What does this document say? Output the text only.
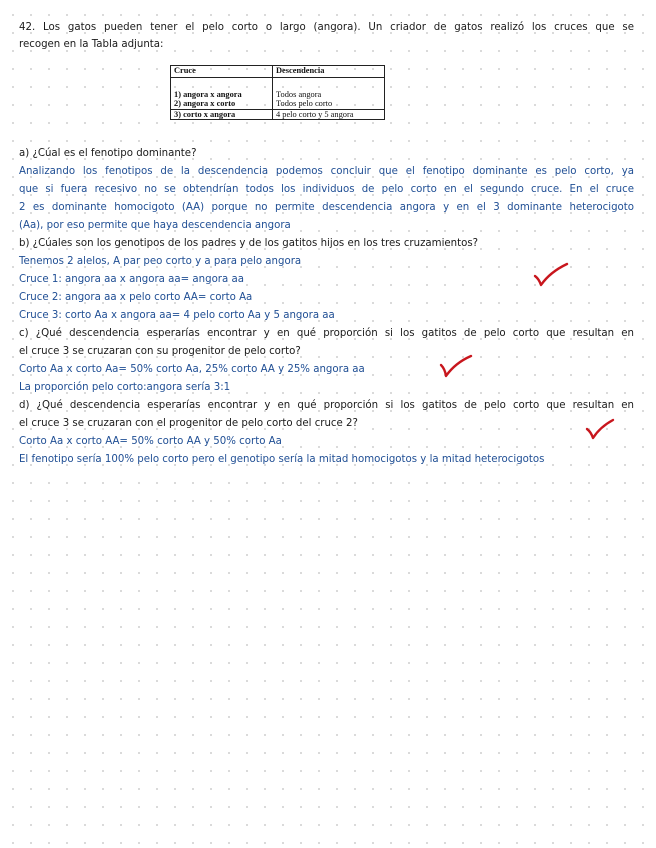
42. Los gatos pueden tener el pelo corto o largo (angora). Un criador de gatos realizó los cruces que se
recogen en la Tabla adjunta:
Cruce	Descendencia

1) angora x angora	Todos angora
2) angora x corto	Todos pelo corto
3) corto x angora	4 pelo corto y 5 angora
a) ¿Cúal es el fenotipo dominante?
Analizando los fenotipos de la descendencia podemos concluir que el fenotipo dominante es pelo corto, ya
que si fuera recesivo no se obtendrían todos los individuos de pelo corto en el segundo cruce. En el cruce
2 es dominante homocigoto (AA) porque no permite descendencia angora y en el 3 dominante heterocigoto
(Aa), por eso permite que haya descendencia angora
b) ¿Cúales son los genotipos de los padres y de los gatitos hijos en los tres cruzamientos?
Tenemos 2 alelos, A par peo corto y a para pelo angora
Cruce 1: angora aa x angora aa= angora aa
Cruce 2: angora aa x pelo corto AA= corto Aa
Cruce 3: corto Aa x angora aa= 4 pelo corto Aa y 5 angora aa
c) ¿Qué descendencia esperarías encontrar y en qué proporción si los gatitos de pelo corto que resultan en
el cruce 3 se cruzaran con su progenitor de pelo corto?
Corto Aa x corto Aa= 50% corto Aa, 25% corto AA y 25% angora aa
La proporción pelo corto:angora sería 3:1
d) ¿Qué descendencia esperarías encontrar y en qué proporción si los gatitos de pelo corto que resultan en
el cruce 3 se cruzaran con el progenitor de pelo corto del cruce 2?
Corto Aa x corto AA= 50% corto AA y 50% corto Aa
El fenotipo sería 100% pelo corto pero el genotipo sería la mitad homocigotos y la mitad heterocigotos
